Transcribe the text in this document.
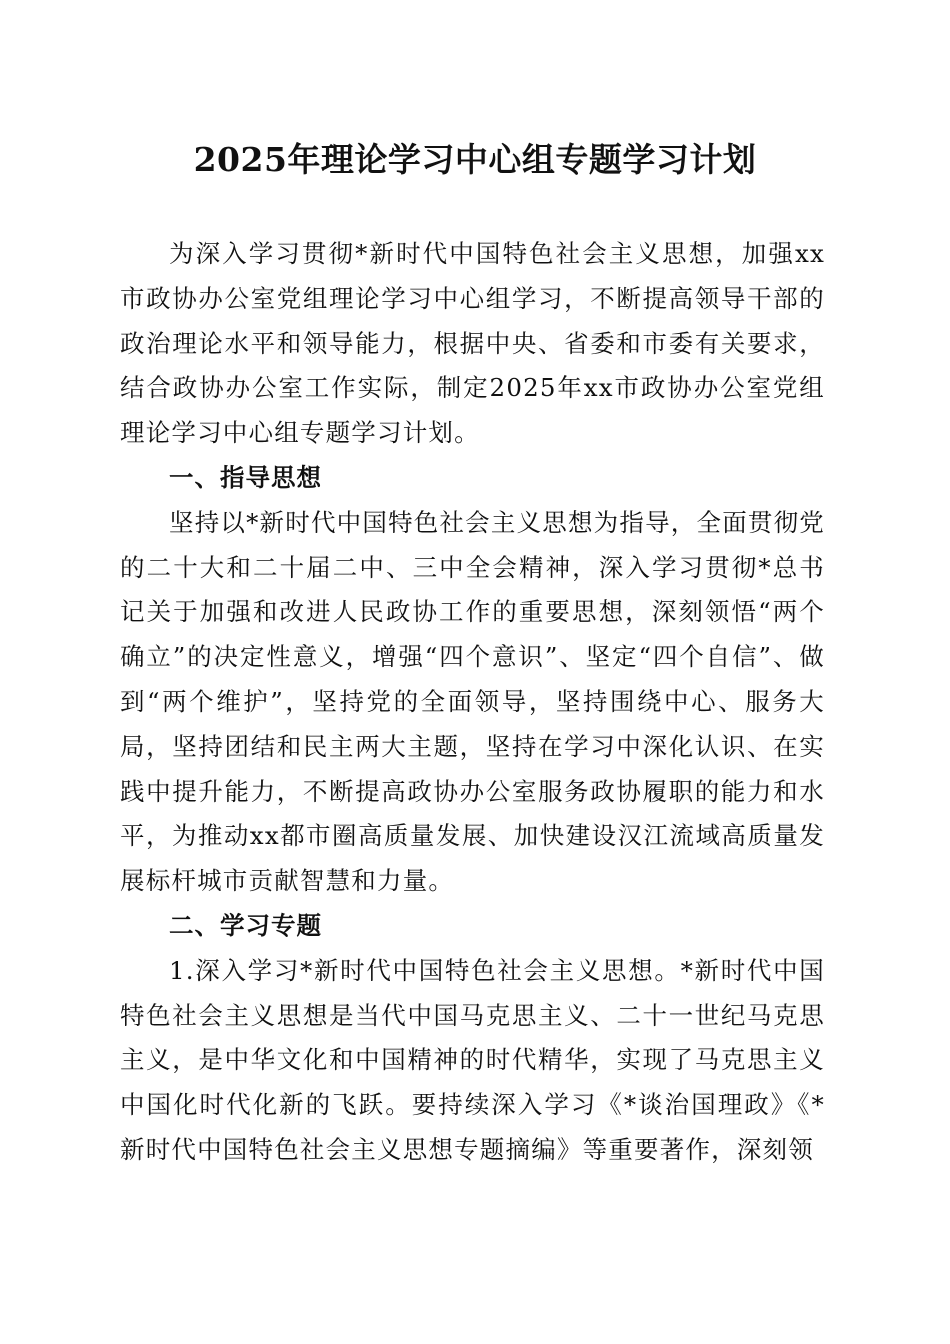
2025年理论学习中心组专题学习计划

为深入学习贯彻*新时代中国特色社会主义思想，加强xx市政协办公室党组理论学习中心组学习，不断提高领导干部的政治理论水平和领导能力，根据中央、省委和市委有关要求，结合政协办公室工作实际，制定2025年xx市政协办公室党组理论学习中心组专题学习计划。

一、指导思想

坚持以*新时代中国特色社会主义思想为指导，全面贯彻党的二十大和二十届二中、三中全会精神，深入学习贯彻*总书记关于加强和改进人民政协工作的重要思想，深刻领悟“两个确立”的决定性意义，增强“四个意识”、坚定“四个自信”、做到“两个维护”，坚持党的全面领导，坚持围绕中心、服务大局，坚持团结和民主两大主题，坚持在学习中深化认识、在实践中提升能力，不断提高政协办公室服务政协履职的能力和水平，为推动xx都市圈高质量发展、加快建设汉江流域高质量发展标杆城市贡献智慧和力量。

二、学习专题

1.深入学习*新时代中国特色社会主义思想。*新时代中国特色社会主义思想是当代中国马克思主义、二十一世纪马克思主义，是中华文化和中国精神的时代精华，实现了马克思主义中国化时代化新的飞跃。要持续深入学习《*谈治国理政》《*新时代中国特色社会主义思想专题摘编》等重要著作，深刻领
